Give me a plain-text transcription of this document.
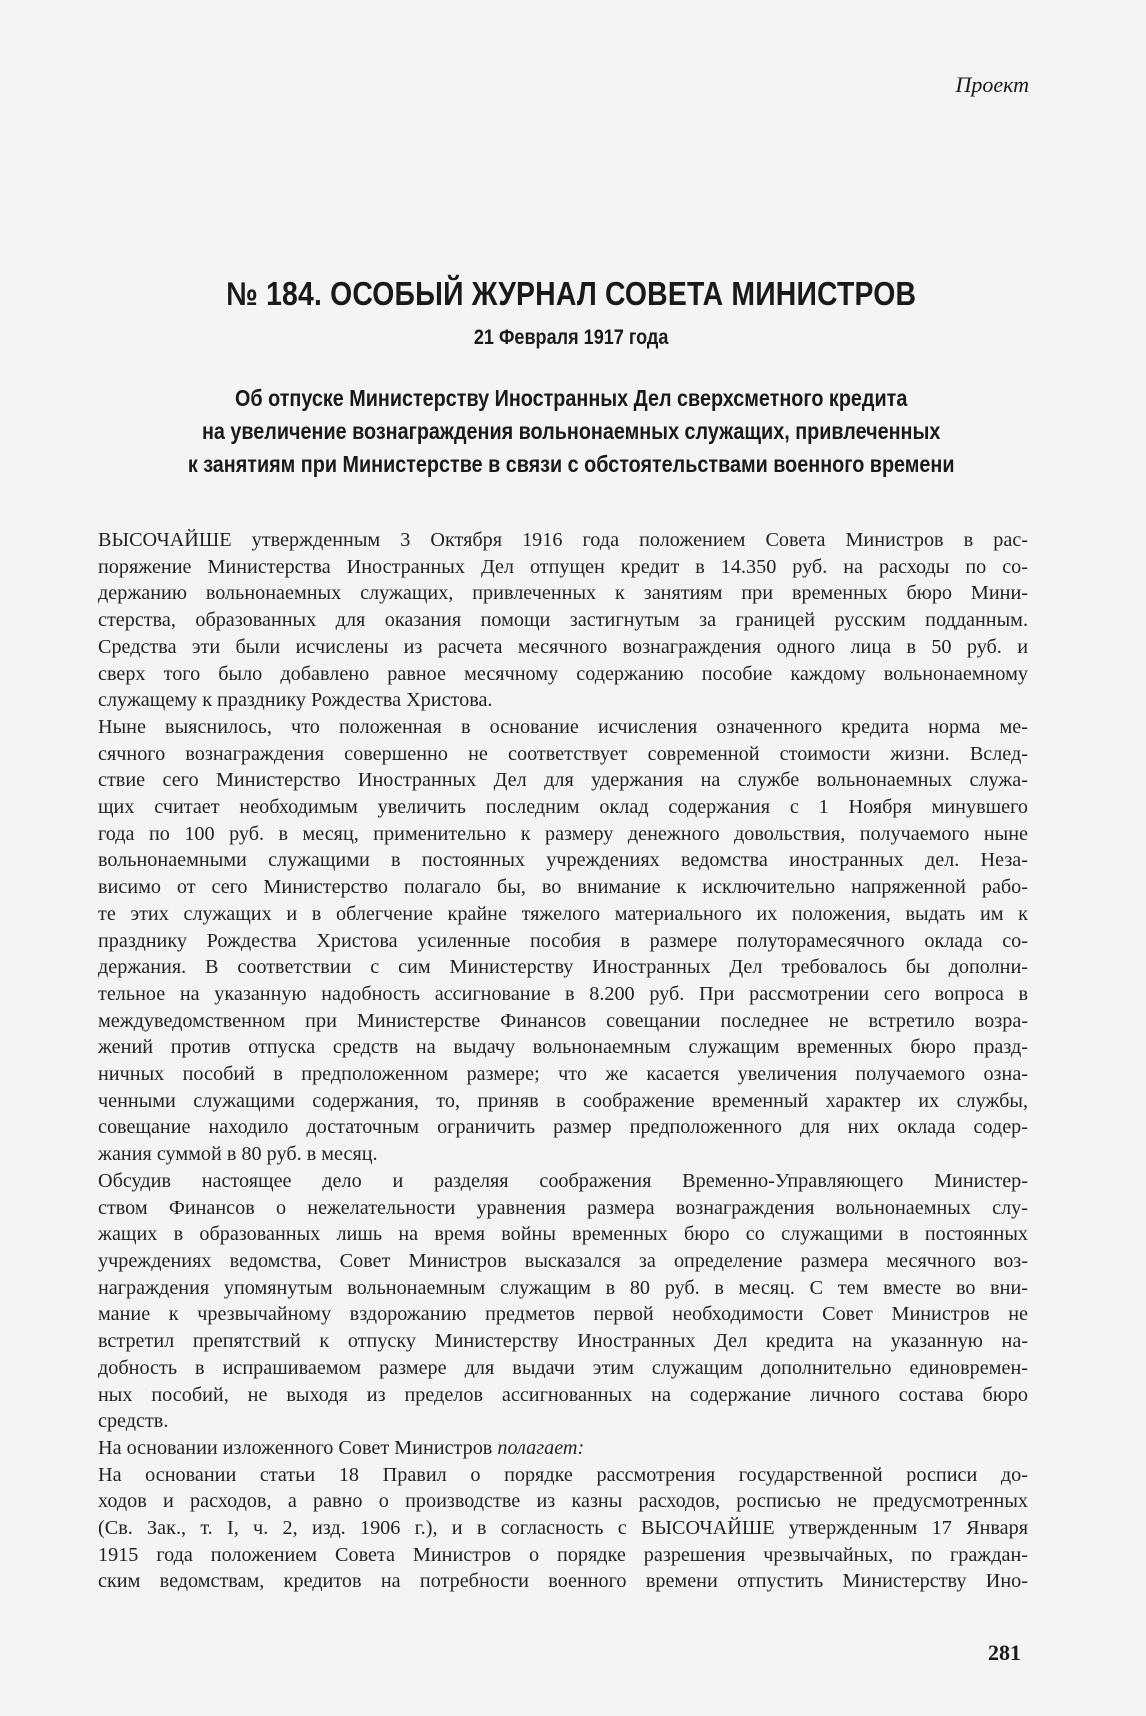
Проект
№ 184. ОСОБЫЙ ЖУРНАЛ СОВЕТА МИНИСТРОВ
21 Февраля 1917 года
Об отпуске Министерству Иностранных Дел сверхсметного кредита
на увеличение вознаграждения вольнонаемных служащих, привлеченных
к занятиям при Министерстве в связи с обстоятельствами военного времени

ВЫСОЧАЙШЕ утвержденным 3 Октября 1916 года положением Совета Министров в рас-
поряжение Министерства Иностранных Дел отпущен кредит в 14.350 руб. на расходы по со-
держанию вольнонаемных служащих, привлеченных к занятиям при временных бюро Мини-
стерства, образованных для оказания помощи застигнутым за границей русским подданным.
Средства эти были исчислены из расчета месячного вознаграждения одного лица в 50 руб. и
сверх того было добавлено равное месячному содержанию пособие каждому вольнонаемному
служащему к празднику Рождества Христова.

Ныне выяснилось, что положенная в основание исчисления означенного кредита норма ме-
сячного вознаграждения совершенно не соответствует современной стоимости жизни. Вслед-
ствие сего Министерство Иностранных Дел для удержания на службе вольнонаемных служа-
щих считает необходимым увеличить последним оклад содержания с 1 Ноября минувшего
года по 100 руб. в месяц, применительно к размеру денежного довольствия, получаемого ныне
вольнонаемными служащими в постоянных учреждениях ведомства иностранных дел. Неза-
висимо от сего Министерство полагало бы, во внимание к исключительно напряженной рабо-
те этих служащих и в облегчение крайне тяжелого материального их положения, выдать им к
празднику Рождества Христова усиленные пособия в размере полуторамесячного оклада со-
держания. В соответствии с сим Министерству Иностранных Дел требовалось бы дополни-
тельное на указанную надобность ассигнование в 8.200 руб. При рассмотрении сего вопроса в
междуведомственном при Министерстве Финансов совещании последнее не встретило возра-
жений против отпуска средств на выдачу вольнонаемным служащим временных бюро празд-
ничных пособий в предположенном размере; что же касается увеличения получаемого озна-
ченными служащими содержания, то, приняв в соображение временный характер их службы,
совещание находило достаточным ограничить размер предположенного для них оклада содер-
жания суммой в 80 руб. в месяц.

Обсудив настоящее дело и разделяя соображения Временно-Управляющего Министер-
ством Финансов о нежелательности уравнения размера вознаграждения вольнонаемных слу-
жащих в образованных лишь на время войны временных бюро со служащими в постоянных
учреждениях ведомства, Совет Министров высказался за определение размера месячного воз-
награждения упомянутым вольнонаемным служащим в 80 руб. в месяц. С тем вместе во вни-
мание к чрезвычайному вздорожанию предметов первой необходимости Совет Министров не
встретил препятствий к отпуску Министерству Иностранных Дел кредита на указанную на-
добность в испрашиваемом размере для выдачи этим служащим дополнительно единовремен-
ных пособий, не выходя из пределов ассигнованных на содержание личного состава бюро
средств.

На основании изложенного Совет Министров полагает:

На основании статьи 18 Правил о порядке рассмотрения государственной росписи до-
ходов и расходов, а равно о производстве из казны расходов, росписью не предусмотренных
(Св. Зак., т. I, ч. 2, изд. 1906 г.), и в согласность с ВЫСОЧАЙШЕ утвержденным 17 Января
1915 года положением Совета Министров о порядке разрешения чрезвычайных, по граждан-
ским ведомствам, кредитов на потребности военного времени отпустить Министерству Ино-

281
